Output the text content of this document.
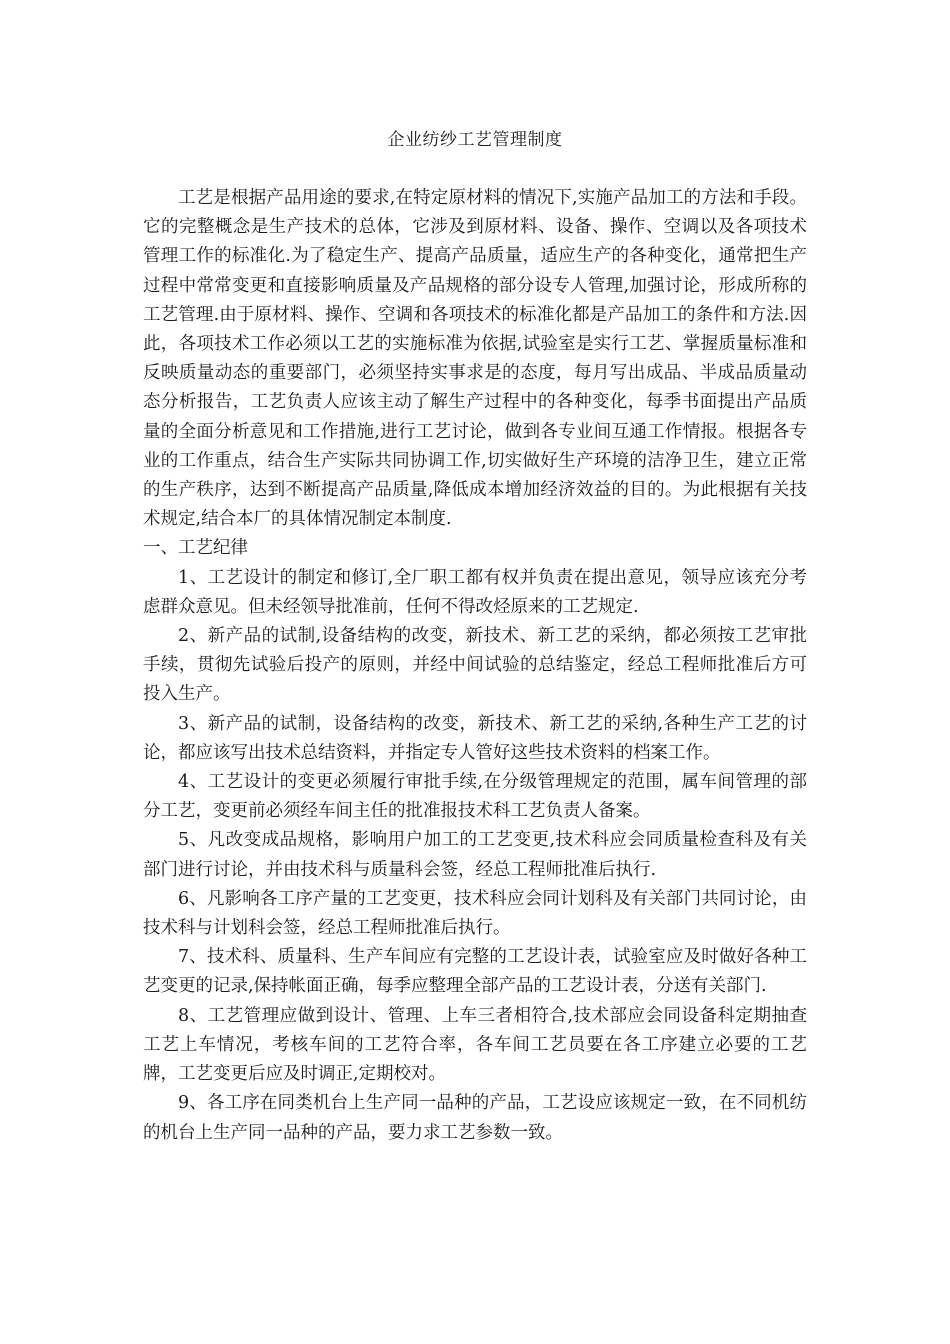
企业纺纱工艺管理制度

工艺是根据产品用途的要求,在特定原材料的情况下,实施产品加工的方法和手段。它的完整概念是生产技术的总体，它涉及到原材料、设备、操作、空调以及各项技术管理工作的标准化.为了稳定生产、提高产品质量，适应生产的各种变化，通常把生产过程中常常变更和直接影响质量及产品规格的部分设专人管理,加强讨论，形成所称的工艺管理.由于原材料、操作、空调和各项技术的标准化都是产品加工的条件和方法.因此，各项技术工作必须以工艺的实施标准为依据,试验室是实行工艺、掌握质量标准和反映质量动态的重要部门，必须坚持实事求是的态度，每月写出成品、半成品质量动态分析报告，工艺负责人应该主动了解生产过程中的各种变化，每季书面提出产品质量的全面分析意见和工作措施,进行工艺讨论，做到各专业间互通工作情报。根据各专业的工作重点，结合生产实际共同协调工作,切实做好生产环境的洁净卫生，建立正常的生产秩序，达到不断提高产品质量,降低成本增加经济效益的目的。为此根据有关技术规定,结合本厂的具体情况制定本制度.

一、工艺纪律

1、工艺设计的制定和修订,全厂职工都有权并负责在提出意见，领导应该充分考虑群众意见。但未经领导批准前，任何不得改烃原来的工艺规定.

2、新产品的试制,设备结构的改变，新技术、新工艺的采纳，都必须按工艺审批手续，贯彻先试验后投产的原则，并经中间试验的总结鉴定，经总工程师批准后方可投入生产。

3、新产品的试制，设备结构的改变，新技术、新工艺的采纳,各种生产工艺的讨论，都应该写出技术总结资料，并指定专人管好这些技术资料的档案工作。

4、工艺设计的变更必须履行审批手续,在分级管理规定的范围，属车间管理的部分工艺，变更前必须经车间主任的批准报技术科工艺负责人备案。

5、凡改变成品规格，影响用户加工的工艺变更,技术科应会同质量检查科及有关部门进行讨论，并由技术科与质量科会签，经总工程师批准后执行.

6、凡影响各工序产量的工艺变更，技术科应会同计划科及有关部门共同讨论，由技术科与计划科会签，经总工程师批准后执行。

7、技术科、质量科、生产车间应有完整的工艺设计表，试验室应及时做好各种工艺变更的记录,保持帐面正确，每季应整理全部产品的工艺设计表，分送有关部门.

8、工艺管理应做到设计、管理、上车三者相符合,技术部应会同设备科定期抽查工艺上车情况，考核车间的工艺符合率，各车间工艺员要在各工序建立必要的工艺牌，工艺变更后应及时调正,定期校对。

9、各工序在同类机台上生产同一品种的产品，工艺设应该规定一致，在不同机纺的机台上生产同一品种的产品，要力求工艺参数一致。
